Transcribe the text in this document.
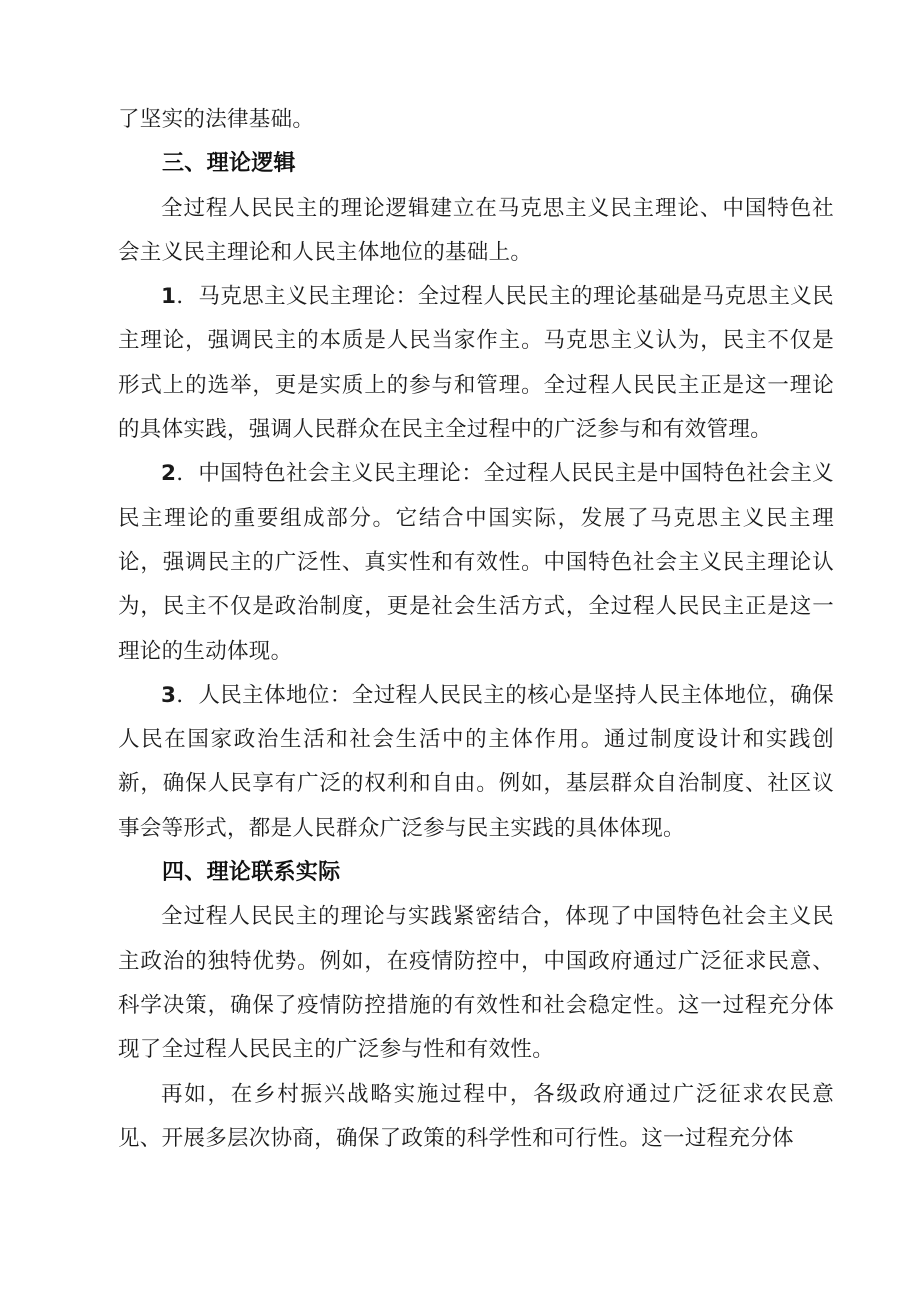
了坚实的法律基础。

三、理论逻辑

全过程人民民主的理论逻辑建立在马克思主义民主理论、中国特色社会主义民主理论和人民主体地位的基础上。

1．马克思主义民主理论：全过程人民民主的理论基础是马克思主义民主理论，强调民主的本质是人民当家作主。马克思主义认为，民主不仅是形式上的选举，更是实质上的参与和管理。全过程人民民主正是这一理论的具体实践，强调人民群众在民主全过程中的广泛参与和有效管理。

2．中国特色社会主义民主理论：全过程人民民主是中国特色社会主义民主理论的重要组成部分。它结合中国实际，发展了马克思主义民主理论，强调民主的广泛性、真实性和有效性。中国特色社会主义民主理论认为，民主不仅是政治制度，更是社会生活方式，全过程人民民主正是这一理论的生动体现。

3．人民主体地位：全过程人民民主的核心是坚持人民主体地位，确保人民在国家政治生活和社会生活中的主体作用。通过制度设计和实践创新，确保人民享有广泛的权利和自由。例如，基层群众自治制度、社区议事会等形式，都是人民群众广泛参与民主实践的具体体现。

四、理论联系实际

全过程人民民主的理论与实践紧密结合，体现了中国特色社会主义民主政治的独特优势。例如，在疫情防控中，中国政府通过广泛征求民意、科学决策，确保了疫情防控措施的有效性和社会稳定性。这一过程充分体现了全过程人民民主的广泛参与性和有效性。

再如，在乡村振兴战略实施过程中，各级政府通过广泛征求农民意见、开展多层次协商，确保了政策的科学性和可行性。这一过程充分体
